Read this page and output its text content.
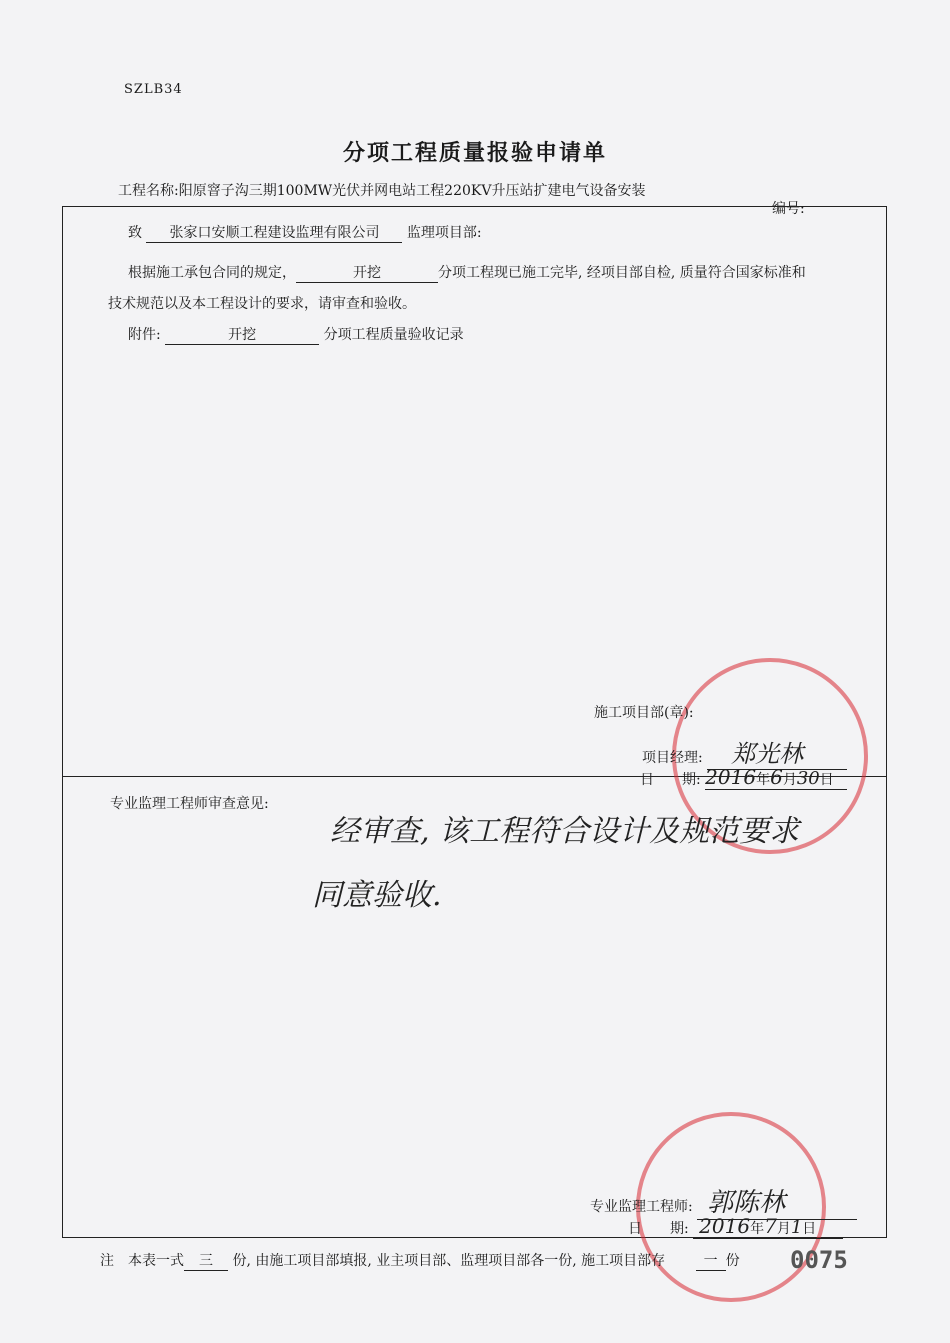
SZLB34
分项工程质量报验申请单
工程名称:阳原窨子沟三期100MW光伏并网电站工程220KV升压站扩建电气设备安装
编号:
致 张家口安顺工程建设监理有限公司 监理项目部:
根据施工承包合同的规定，	开挖	分项工程现已施工完毕, 经项目部自检, 质量符合国家标准和
技术规范以及本工程设计的要求，请审查和验收。
附件:	开挖	分项工程质量验收记录
施工项目部(章):
项目经理: 郑光林
日　　期: 2016年6月30日
专业监理工程师审查意见:
经审查, 该工程符合设计及规范要求
同意验收.
专业监理工程师: 郭陈林
日　　期: 2016年7月1日
注　本表一式 三 份, 由施工项目部填报, 业主项目部、监理项目部各一份, 施工项目部存	一 份 0075
